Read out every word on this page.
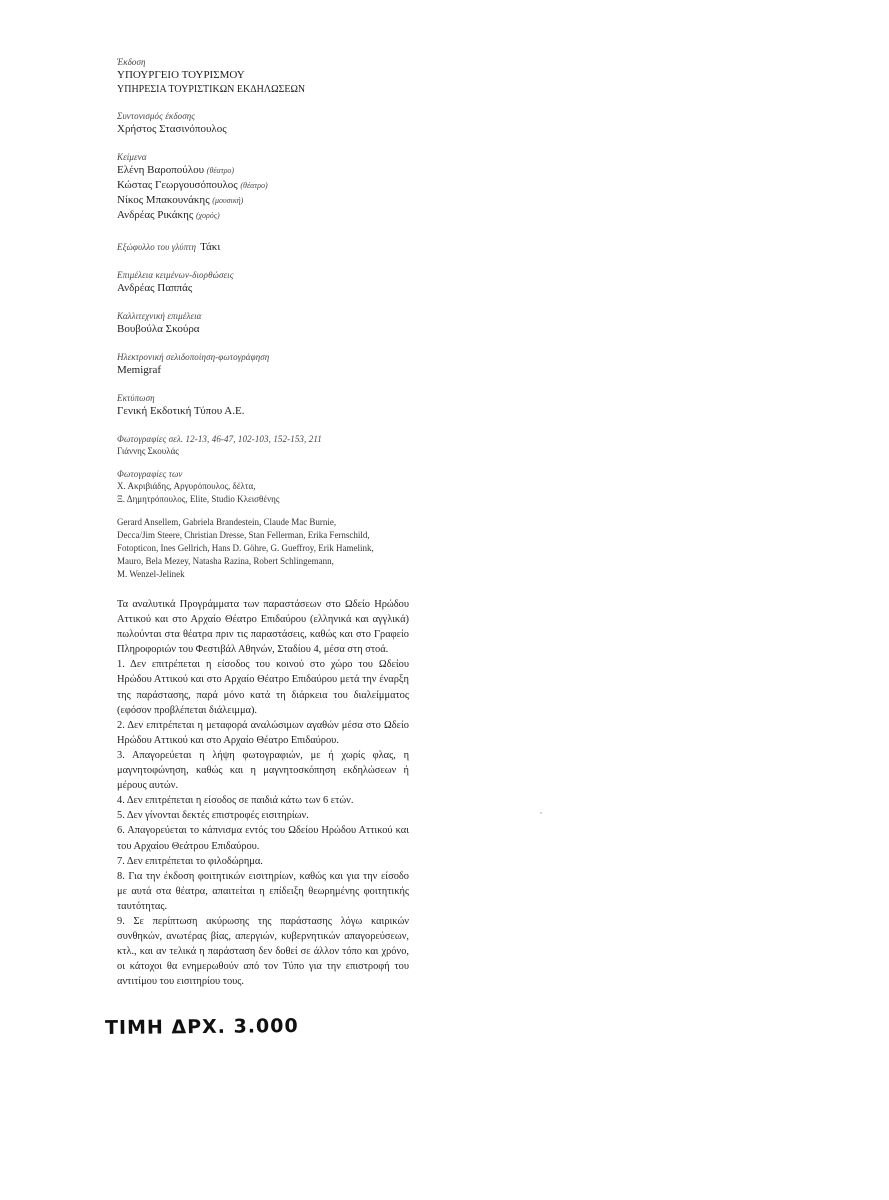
Έκδοση
ΥΠΟΥΡΓΕΙΟ ΤΟΥΡΙΣΜΟΥ
ΥΠΗΡΕΣΙΑ ΤΟΥΡΙΣΤΙΚΩΝ ΕΚΔΗΛΩΣΕΩΝ
Συντονισμός έκδοσης
Χρήστος Στασινόπουλος
Κείμενα
Ελένη Βαροπούλου (θέατρο)
Κώστας Γεωργουσόπουλος (θέατρο)
Νίκος Μπακουνάκης (μουσική)
Ανδρέας Ρικάκης (χορός)
Εξώφυλλο του γλύπτη Τάκι
Επιμέλεια κειμένων-διορθώσεις
Ανδρέας Παππάς
Καλλιτεχνική επιμέλεια
Βουβούλα Σκούρα
Ηλεκτρονική σελιδοποίηση-φωτογράφηση
Memigraf
Εκτύπωση
Γενική Εκδοτική Τύπου Α.Ε.
Φωτογραφίες σελ. 12-13, 46-47, 102-103, 152-153, 211
Γιάννης Σκουλάς
Φωτογραφίες των
Χ. Ακριβιάδης, Αργυρόπουλος, δέλτα,
Ξ. Δημητρόπουλος, Elite, Studio Κλεισθένης
Gerard Ansellem, Gabriela Brandestein, Claude Mac Burnie,
Decca/Jim Steere, Christian Dresse, Stan Fellerman, Erika Fernschild,
Fotopticon, Ines Gellrich, Hans D. Göhre, G. Gueffroy, Erik Hamelink,
Mauro, Bela Mezey, Natasha Razina, Robert Schlingemann,
M. Wenzel-Jelinek

Τα αναλυτικά Προγράμματα των παραστάσεων στο Ωδείο Ηρώδου Αττικού και στο Αρχαίο Θέατρο Επιδαύρου (ελληνικά και αγγλικά) πωλούνται στα θέατρα πριν τις παραστάσεις, καθώς και στο Γραφείο Πληροφοριών του Φεστιβάλ Αθηνών, Σταδίου 4, μέσα στη στοά.

1. Δεν επιτρέπεται η είσοδος του κοινού στο χώρο του Ωδείου Ηρώδου Αττικού και στο Αρχαίο Θέατρο Επιδαύρου μετά την έναρξη της παράστασης, παρά μόνο κατά τη διάρκεια του διαλείμματος (εφόσον προβλέπεται διάλειμμα).

2. Δεν επιτρέπεται η μεταφορά αναλώσιμων αγαθών μέσα στο Ωδείο Ηρώδου Αττικού και στο Αρχαίο Θέατρο Επιδαύρου.

3. Απαγορεύεται η λήψη φωτογραφιών, με ή χωρίς φλας, η μαγνητοφώνηση, καθώς και η μαγνητοσκόπηση εκδηλώσεων ή μέρους αυτών.

4. Δεν επιτρέπεται η είσοδος σε παιδιά κάτω των 6 ετών.

5. Δεν γίνονται δεκτές επιστροφές εισιτηρίων.

6. Απαγορεύεται το κάπνισμα εντός του Ωδείου Ηρώδου Αττικού και του Αρχαίου Θεάτρου Επιδαύρου.

7. Δεν επιτρέπεται το φιλοδώρημα.

8. Για την έκδοση φοιτητικών εισιτηρίων, καθώς και για την είσοδο με αυτά στα θέατρα, απαιτείται η επίδειξη θεωρημένης φοιτητικής ταυτότητας.

9. Σε περίπτωση ακύρωσης της παράστασης λόγω καιρικών συνθηκών, ανωτέρας βίας, απεργιών, κυβερνητικών απαγορεύσεων, κτλ., και αν τελικά η παράσταση δεν δοθεί σε άλλον τόπο και χρόνο, οι κάτοχοι θα ενημερωθούν από τον Τύπο για την επιστροφή του αντιτίμου του εισιτηρίου τους.

ΤΙΜΗ ΔΡΧ. 3.000
